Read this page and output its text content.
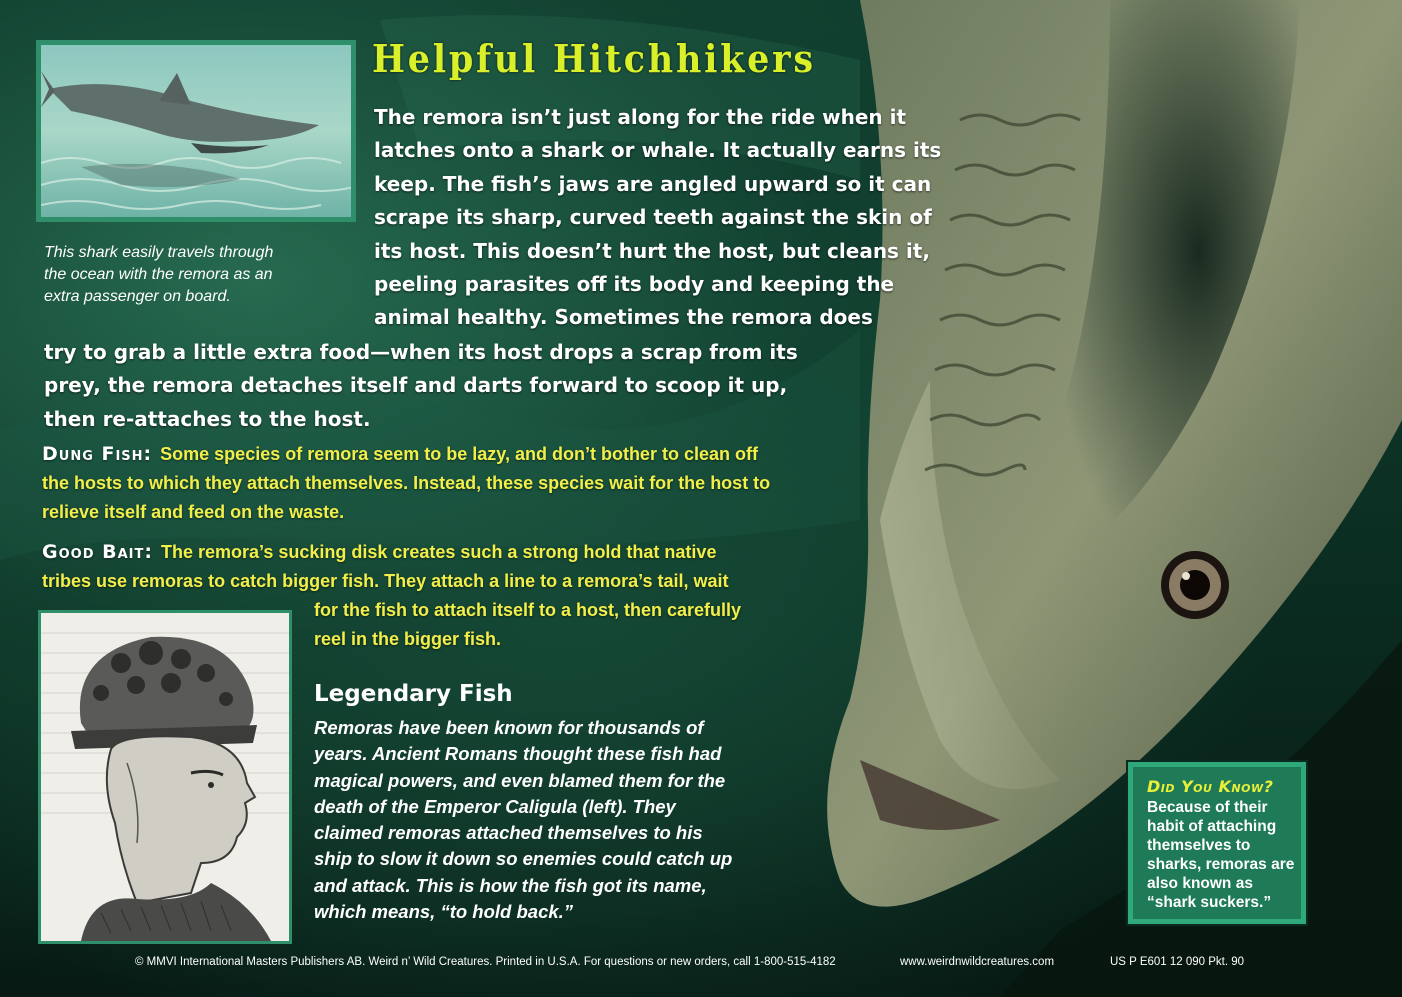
This shark easily travels through
the ocean with the remora as an
extra passenger on board.

Helpful Hitchhikers

The remora isn’t just along for the ride when it
latches onto a shark or whale. It actually earns its
keep. The fish’s jaws are angled upward so it can
scrape its sharp, curved teeth against the skin of
its host. This doesn’t hurt the host, but cleans it,
peeling parasites off its body and keeping the
animal healthy. Sometimes the remora does

try to grab a little extra food—when its host drops a scrap from its
prey, the remora detaches itself and darts forward to scoop it up,
then re-attaches to the host.

Dung Fish: Some species of remora seem to be lazy, and don’t bother to clean off
the hosts to which they attach themselves. Instead, these species wait for the host to
relieve itself and feed on the waste.

Good Bait: The remora’s sucking disk creates such a strong hold that native
tribes use remoras to catch bigger fish. They attach a line to a remora’s tail, wait
for the fish to attach itself to a host, then carefully
reel in the bigger fish.

Legendary Fish

Remoras have been known for thousands of
years. Ancient Romans thought these fish had
magical powers, and even blamed them for the
death of the Emperor Caligula (left). They
claimed remoras attached themselves to his
ship to slow it down so enemies could catch up
and attack. This is how the fish got its name,
which means, “to hold back.”

Did You Know?

Because of their
habit of attaching
themselves to
sharks, remoras are
also known as
“shark suckers.”

© MMVI International Masters Publishers AB. Weird n’ Wild Creatures. Printed in U.S.A. For questions or new orders, call 1-800-515-4182	www.weirdnwildcreatures.com	US P E601 12 090 Pkt. 90
